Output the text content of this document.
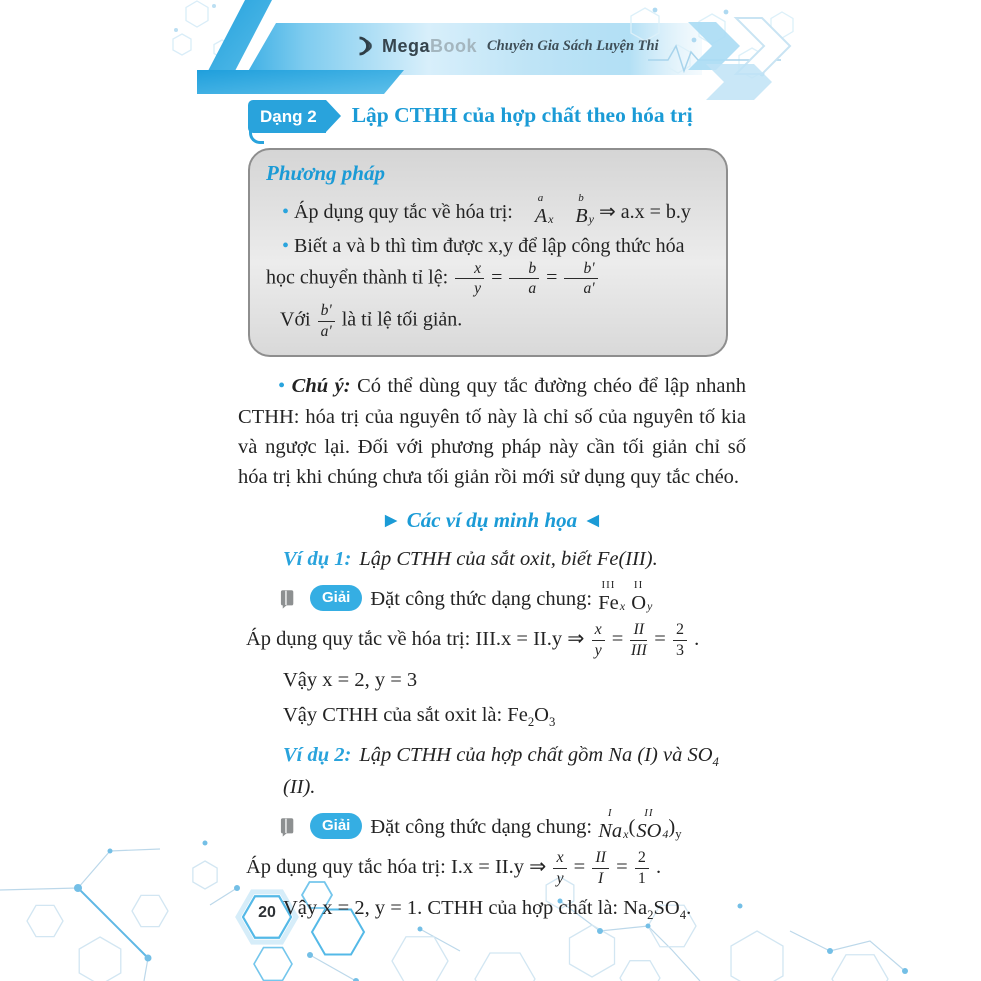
MegaBook Chuyên Gia Sách Luyện Thi
Dạng 2	Lập CTHH của hợp chất theo hóa trị
Phương pháp
• Áp dụng quy tắc về hóa trị:
a
A $_x$
b
B $_y$ ⇒ a.x = b.y
• Biết a và b thì tìm được x,y để lập công thức hóa học chuyển thành tỉ lệ: $\frac{x}{y} = \frac{b}{a} = \frac{b'}{a'}$
Với $\frac{b'}{a'}$ là tỉ lệ tối giản.

• Chú ý: Có thể dùng quy tắc đường chéo để lập nhanh CTHH: hóa trị của nguyên tố này là chỉ số của nguyên tố kia và ngược lại. Đối với phương pháp này cần tối giản chỉ số hóa trị khi chúng chưa tối giản rồi mới sử dụng quy tắc chéo.

► Các ví dụ minh họa ◄
Ví dụ 1: Lập CTHH của sắt oxit, biết Fe(III).
Giải Đặt công thức dạng chung:
III
Fe $_x$
II
O $_y$
Áp dụng quy tắc về hóa trị: III.x = II.y ⇒ $\frac{x}{y} = \frac{II}{\text{III}} = \frac{2}{3}$ .
Vậy x = 2, y = 3
Vậy CTHH của sắt oxit là: $Fe_2O_3$
Ví dụ 2: Lập CTHH của hợp chất gồm Na (I) và $SO_4$ (II).
Giải Đặt công thức dạng chung:
I
Na $_x$(
II
SO $_4)_y$
Áp dụng quy tắc hóa trị: I.x = II.y ⇒ $\frac{x}{y} = \frac{II}{I} = \frac{2}{1}$ .
Vậy x = 2, y = 1. CTHH của hợp chất là: $Na_2SO_4$.
20
